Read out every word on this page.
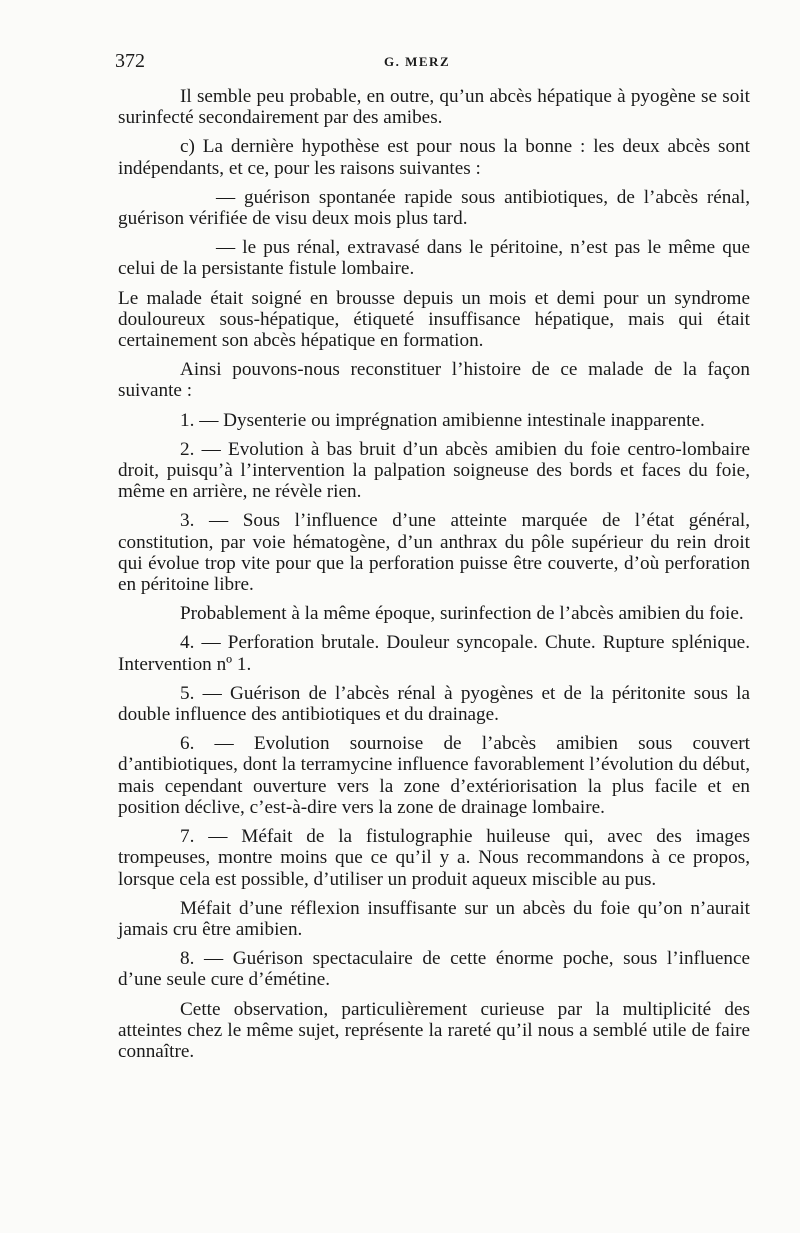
372	G. MERZ

Il semble peu probable, en outre, qu’un abcès hépatique à pyogène se soit surinfecté secondairement par des amibes.

c) La dernière hypothèse est pour nous la bonne : les deux abcès sont indépendants, et ce, pour les raisons suivantes :

— guérison spontanée rapide sous antibiotiques, de l’abcès rénal, guérison vérifiée de visu deux mois plus tard.

— le pus rénal, extravasé dans le péritoine, n’est pas le même que celui de la persistante fistule lombaire.

Le malade était soigné en brousse depuis un mois et demi pour un syndrome douloureux sous-hépatique, étiqueté insuffisance hépatique, mais qui était certainement son abcès hépatique en formation.

Ainsi pouvons-nous reconstituer l’histoire de ce malade de la façon suivante :

1. — Dysenterie ou imprégnation amibienne intestinale inapparente.

2. — Evolution à bas bruit d’un abcès amibien du foie centro-lombaire droit, puisqu’à l’intervention la palpation soigneuse des bords et faces du foie, même en arrière, ne révèle rien.

3. — Sous l’influence d’une atteinte marquée de l’état général, constitution, par voie hématogène, d’un anthrax du pôle supérieur du rein droit qui évolue trop vite pour que la perforation puisse être couverte, d’où perforation en péritoine libre.

Probablement à la même époque, surinfection de l’abcès amibien du foie.

4. — Perforation brutale. Douleur syncopale. Chute. Rupture splénique. Intervention nº 1.

5. — Guérison de l’abcès rénal à pyogènes et de la péritonite sous la double influence des antibiotiques et du drainage.

6. — Evolution sournoise de l’abcès amibien sous couvert d’antibiotiques, dont la terramycine influence favorablement l’évolution du début, mais cependant ouverture vers la zone d’extériorisation la plus facile et en position déclive, c’est-à-dire vers la zone de drainage lombaire.

7. — Méfait de la fistulographie huileuse qui, avec des images trompeuses, montre moins que ce qu’il y a. Nous recommandons à ce propos, lorsque cela est possible, d’utiliser un produit aqueux miscible au pus.

Méfait d’une réflexion insuffisante sur un abcès du foie qu’on n’aurait jamais cru être amibien.

8. — Guérison spectaculaire de cette énorme poche, sous l’influence d’une seule cure d’émétine.

Cette observation, particulièrement curieuse par la multiplicité des atteintes chez le même sujet, représente la rareté qu’il nous a semblé utile de faire connaître.
